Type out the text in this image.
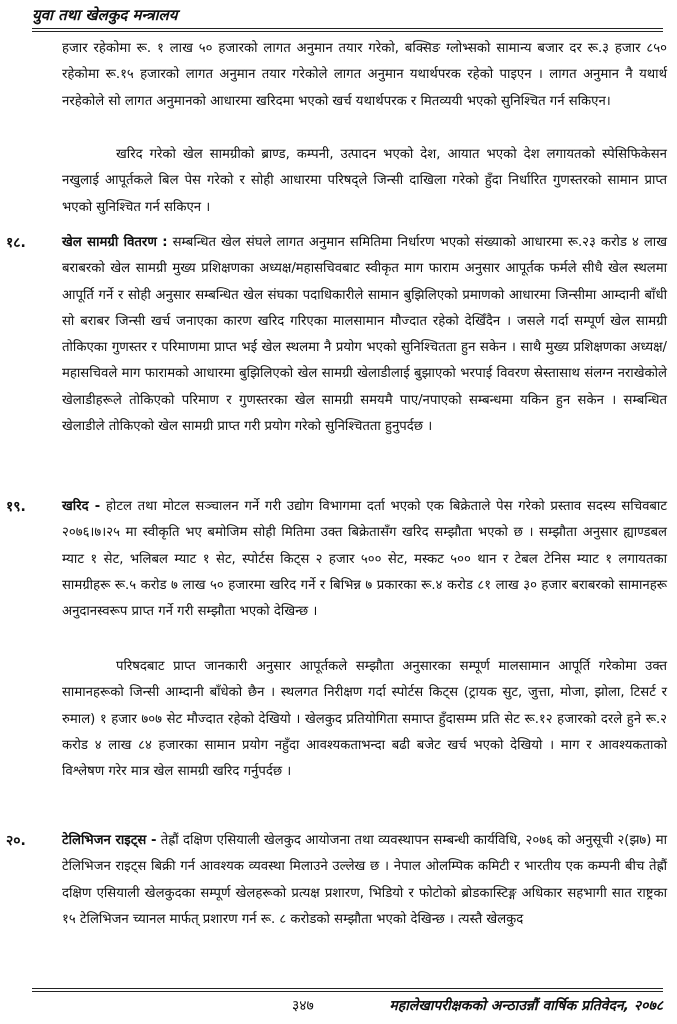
युवा तथा खेलकुद मन्त्रालय

हजार रहेकोमा रू. १ लाख ५० हजारको लागत अनुमान तयार गरेको, बक्सिङ ग्लोभ्सको सामान्य बजार दर रू.३ हजार ८५० रहेकोमा रू.१५ हजारको लागत अनुमान तयार गरेकोले लागत अनुमान यथार्थपरक रहेको पाइएन । लागत अनुमान नै यथार्थ नरहेकोले सो लागत अनुमानको आधारमा खरिदमा भएको खर्च यथार्थपरक र मितव्ययी भएको सुनिश्चित गर्न सकिएन।

खरिद गरेको खेल सामग्रीको ब्राण्ड, कम्पनी, उत्पादन भएको देश, आयात भएको देश लगायतको स्पेसिफिकेसन नखुलाई आपूर्तकले बिल पेस गरेको र सोही आधारमा परिषद्ले जिन्सी दाखिला गरेको हुँदा निर्धारित गुणस्तरको सामान प्राप्त भएको सुनिश्चित गर्न सकिएन ।

१८.	खेल सामग्री वितरण : सम्बन्धित खेल संघले लागत अनुमान समितिमा निर्धारण भएको संख्याको आधारमा रू.२३ करोड ४ लाख बराबरको खेल सामग्री मुख्य प्रशिक्षणका अध्यक्ष/महासचिवबाट स्वीकृत माग फाराम अनुसार आपूर्तक फर्मले सीधै खेल स्थलमा आपूर्ति गर्ने र सोही अनुसार सम्बन्धित खेल संघका पदाधिकारीले सामान बुझिलिएको प्रमाणको आधारमा जिन्सीमा आम्दानी बाँधी सो बराबर जिन्सी खर्च जनाएका कारण खरिद गरिएका मालसामान मौज्दात रहेको देखिँदैन । जसले गर्दा सम्पूर्ण खेल सामग्री तोकिएका गुणस्तर र परिमाणमा प्राप्त भई खेल स्थलमा नै प्रयोग भएको सुनिश्चितता हुन सकेन । साथै मुख्य प्रशिक्षणका अध्यक्ष/महासचिवले माग फारामको आधारमा बुझिलिएको खेल सामग्री खेलाडीलाई बुझाएको भरपाई विवरण स्रेस्तासाथ संलग्न नराखेकोले खेलाडीहरूले तोकिएको परिमाण र गुणस्तरका खेल सामग्री समयमै पाए/नपाएको सम्बन्धमा यकिन हुन सकेन । सम्बन्धित खेलाडीले तोकिएको खेल सामग्री प्राप्त गरी प्रयोग गरेको सुनिश्चितता हुनुपर्दछ ।

१९.	खरिद - होटल तथा मोटल सञ्चालन गर्ने गरी उद्योग विभागमा दर्ता भएको एक बिक्रेताले पेस गरेको प्रस्ताव सदस्य सचिवबाट २०७६।७।२५ मा स्वीकृति भए बमोजिम सोही मितिमा उक्त बिक्रेतासँग खरिद सम्झौता भएको छ । सम्झौता अनुसार ह्याण्डबल म्याट १ सेट, भलिबल म्याट १ सेट, स्पोर्टस किट्स २ हजार ५०० सेट, मस्कट ५०० थान र टेबल टेनिस म्याट १ लगायतका सामग्रीहरू रू.५ करोड ७ लाख ५० हजारमा खरिद गर्ने र बिभिन्न ७ प्रकारका रू.४ करोड ८१ लाख ३० हजार बराबरको सामानहरू अनुदानस्वरूप प्राप्त गर्ने गरी सम्झौता भएको देखिन्छ ।

परिषदबाट प्राप्त जानकारी अनुसार आपूर्तकले सम्झौता अनुसारका सम्पूर्ण मालसामान आपूर्ति गरेकोमा उक्त सामानहरूको जिन्सी आम्दानी बाँधेको छैन । स्थलगत निरीक्षण गर्दा स्पोर्टस किट्स (ट्रायक सुट, जुत्ता, मोजा, झोला, टिसर्ट र रुमाल) १ हजार ७०७ सेट मौज्दात रहेको देखियो । खेलकुद प्रतियोगिता समाप्त हुँदासम्म प्रति सेट रू.१२ हजारको दरले हुने रू.२ करोड ४ लाख ८४ हजारका सामान प्रयोग नहुँदा आवश्यकताभन्दा बढी बजेट खर्च भएको देखियो । माग र आवश्यकताको विश्लेषण गरेर मात्र खेल सामग्री खरिद गर्नुपर्दछ ।

२०.	टेलिभिजन राइट्स - तेह्रौं दक्षिण एसियाली खेलकुद आयोजना तथा व्यवस्थापन सम्बन्धी कार्यविधि, २०७६ को अनुसूची २(झ७) मा टेलिभिजन राइट्स बिक्री गर्न आवश्यक व्यवस्था मिलाउने उल्लेख छ । नेपाल ओलम्पिक कमिटी र भारतीय एक कम्पनी बीच तेह्रौं दक्षिण एसियाली खेलकुदका सम्पूर्ण खेलहरूको प्रत्यक्ष प्रशारण, भिडियो र फोटोको ब्रोडकास्टिङ्ग अधिकार सहभागी सात राष्ट्रका १५ टेलिभिजन च्यानल मार्फत् प्रशारण गर्न रू. ८ करोडको सम्झौता भएको देखिन्छ । त्यस्तै खेलकुद

३४७	महालेखापरीक्षकको अन्ठाउन्नौं वार्षिक प्रतिवेदन, २०७८
